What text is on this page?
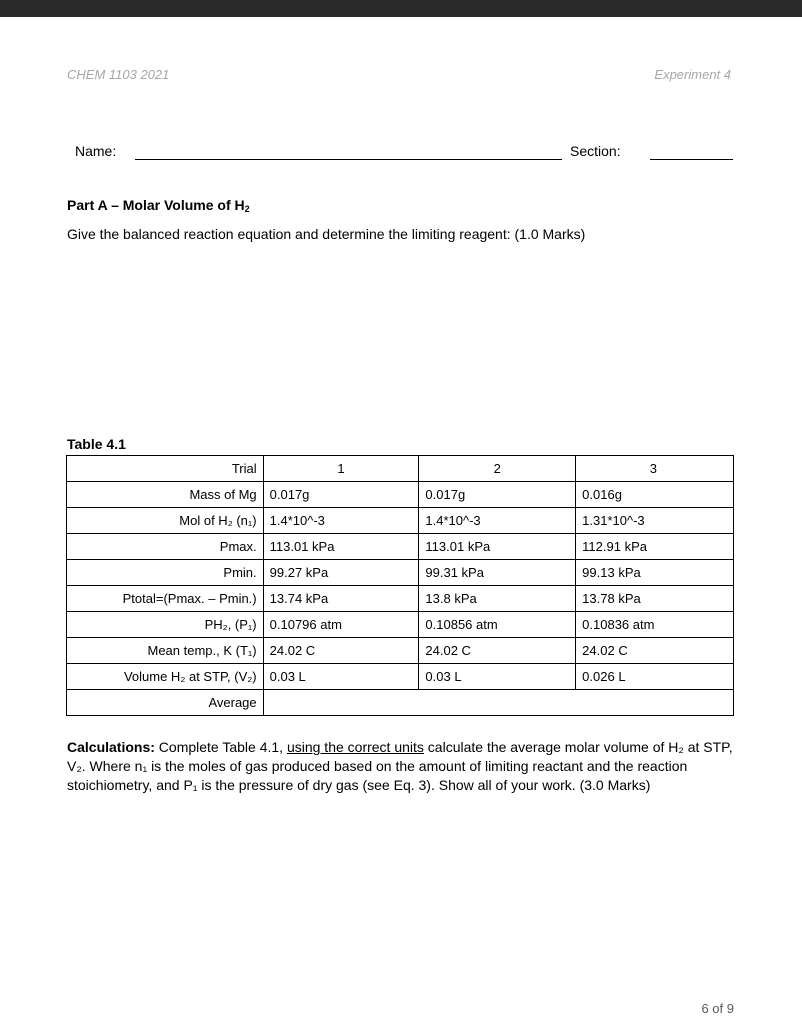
CHEM 1103 2021	Experiment 4
Name:	Section:
Part A – Molar Volume of $H_2$
Give the balanced reaction equation and determine the limiting reagent: (1.0 Marks)
Table 4.1
Trial	1	2	3
Mass of Mg	0.017g	0.017g	0.016g
Mol of H₂ (n₁)	1.4*10^-3	1.4*10^-3	1.31*10^-3
Pmax.	113.01 kPa	113.01 kPa	112.91 kPa
Pmin.	99.27 kPa	99.31 kPa	99.13 kPa
Ptotal=(Pmax. – Pmin.)	13.74 kPa	13.8 kPa	13.78 kPa
PH₂, (P₁)	0.10796 atm	0.10856 atm	0.10836 atm
Mean temp., K (T₁)	24.02 C	24.02 C	24.02 C
Volume H₂ at STP, (V₂)	0.03 L	0.03 L	0.026 L
Average			
Calculations: Complete Table 4.1, using the correct units calculate the average molar volume of H₂ at STP, V₂. Where n₁ is the moles of gas produced based on the amount of limiting reactant and the reaction stoichiometry, and P₁ is the pressure of dry gas (see Eq. 3). Show all of your work. (3.0 Marks)
6 of 9
